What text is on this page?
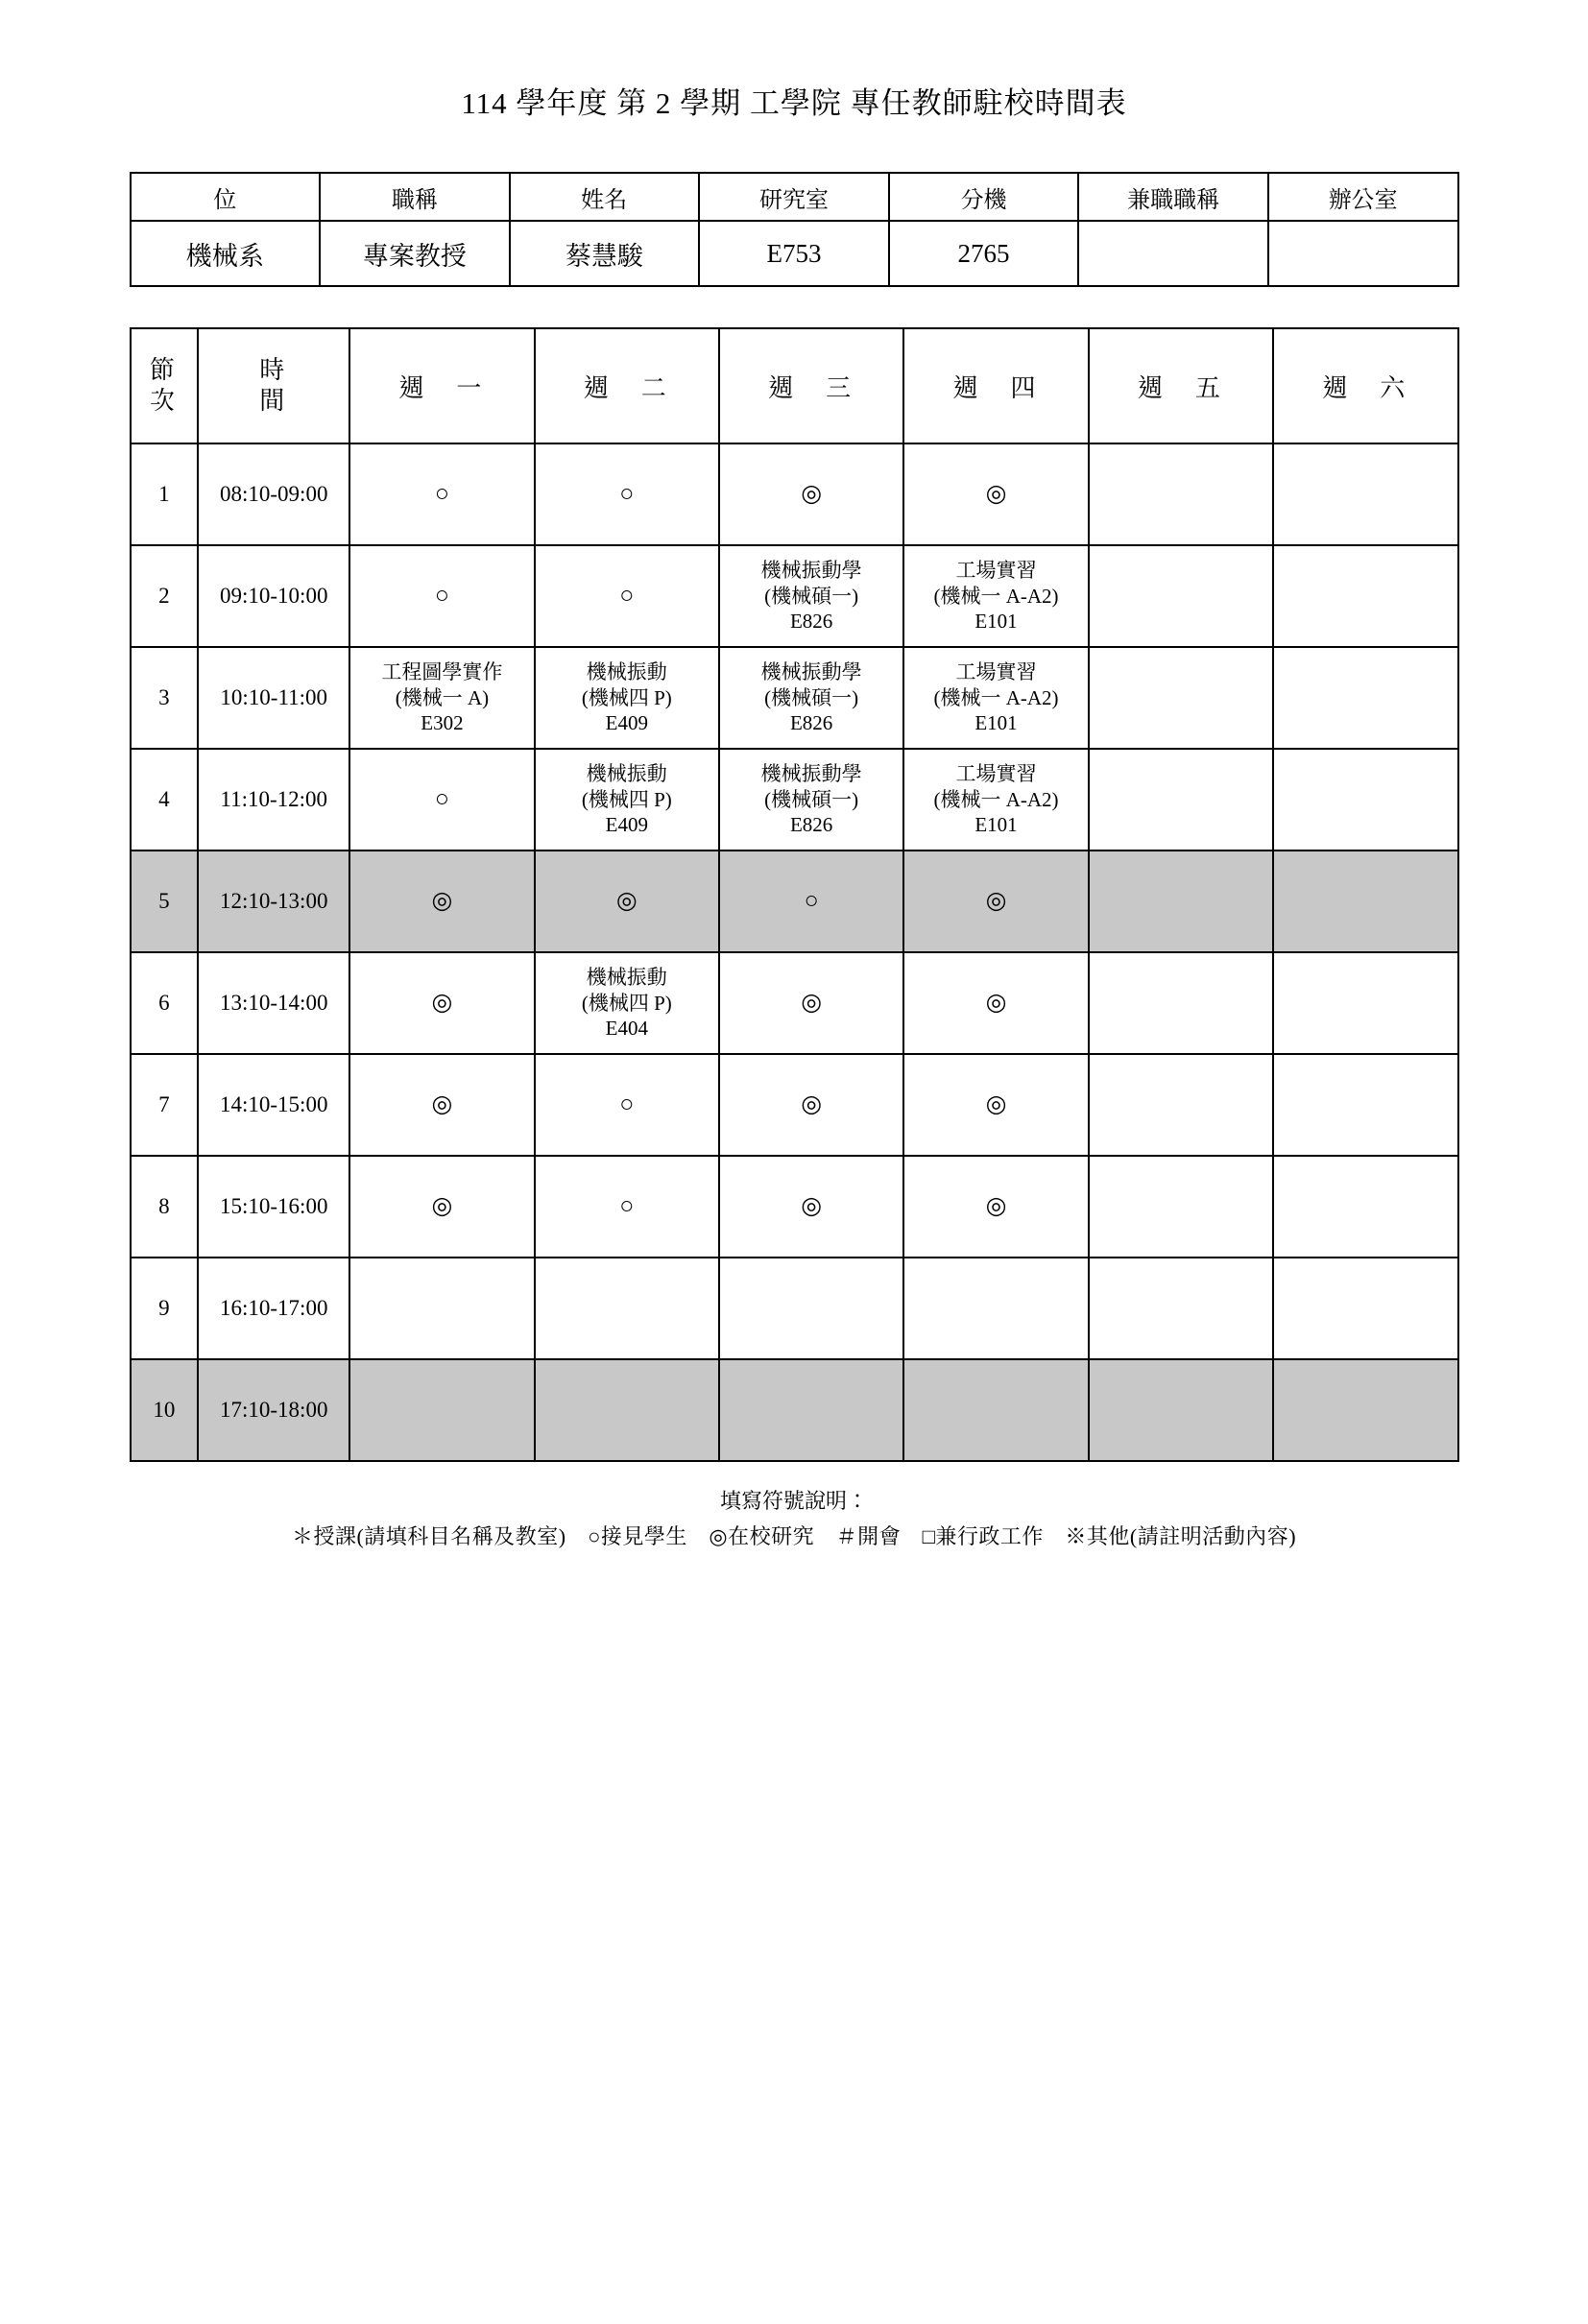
114 學年度 第 2 學期 工學院 專任教師駐校時間表
位	職稱	姓名	研究室	分機	兼職職稱	辦公室
機械系	專案教授	蔡慧駿	E753	2765		
節
次	時
間	週　一	週　二	週　三	週　四	週　五	週　六
1	08:10-09:00	○	○	◎	◎		
2	09:10-10:00	○	○	機械振動學
(機械碩一)
E826	工場實習
(機械一 A-A2)
E101		

3	10:10-11:00	工程圖學實作
(機械一 A)
E302	機械振動
(機械四 P)
E409	機械振動學
(機械碩一)
E826	工場實習
(機械一 A-A2)
E101		

4	11:10-12:00	○	機械振動
(機械四 P)
E409	機械振動學
(機械碩一)
E826	工場實習
(機械一 A-A2)
E101		

5	12:10-13:00	◎	◎	○	◎		
6	13:10-14:00	◎	機械振動
(機械四 P)
E404	◎	◎		
7	14:10-15:00	◎	○	◎	◎		
8	15:10-16:00	◎	○	◎	◎		
9	16:10-17:00						
10	17:10-18:00						
填寫符號說明：
＊授課(請填科目名稱及教室)　○接見學生　◎在校研究　＃開會　□兼行政工作　※其他(請註明活動內容)
